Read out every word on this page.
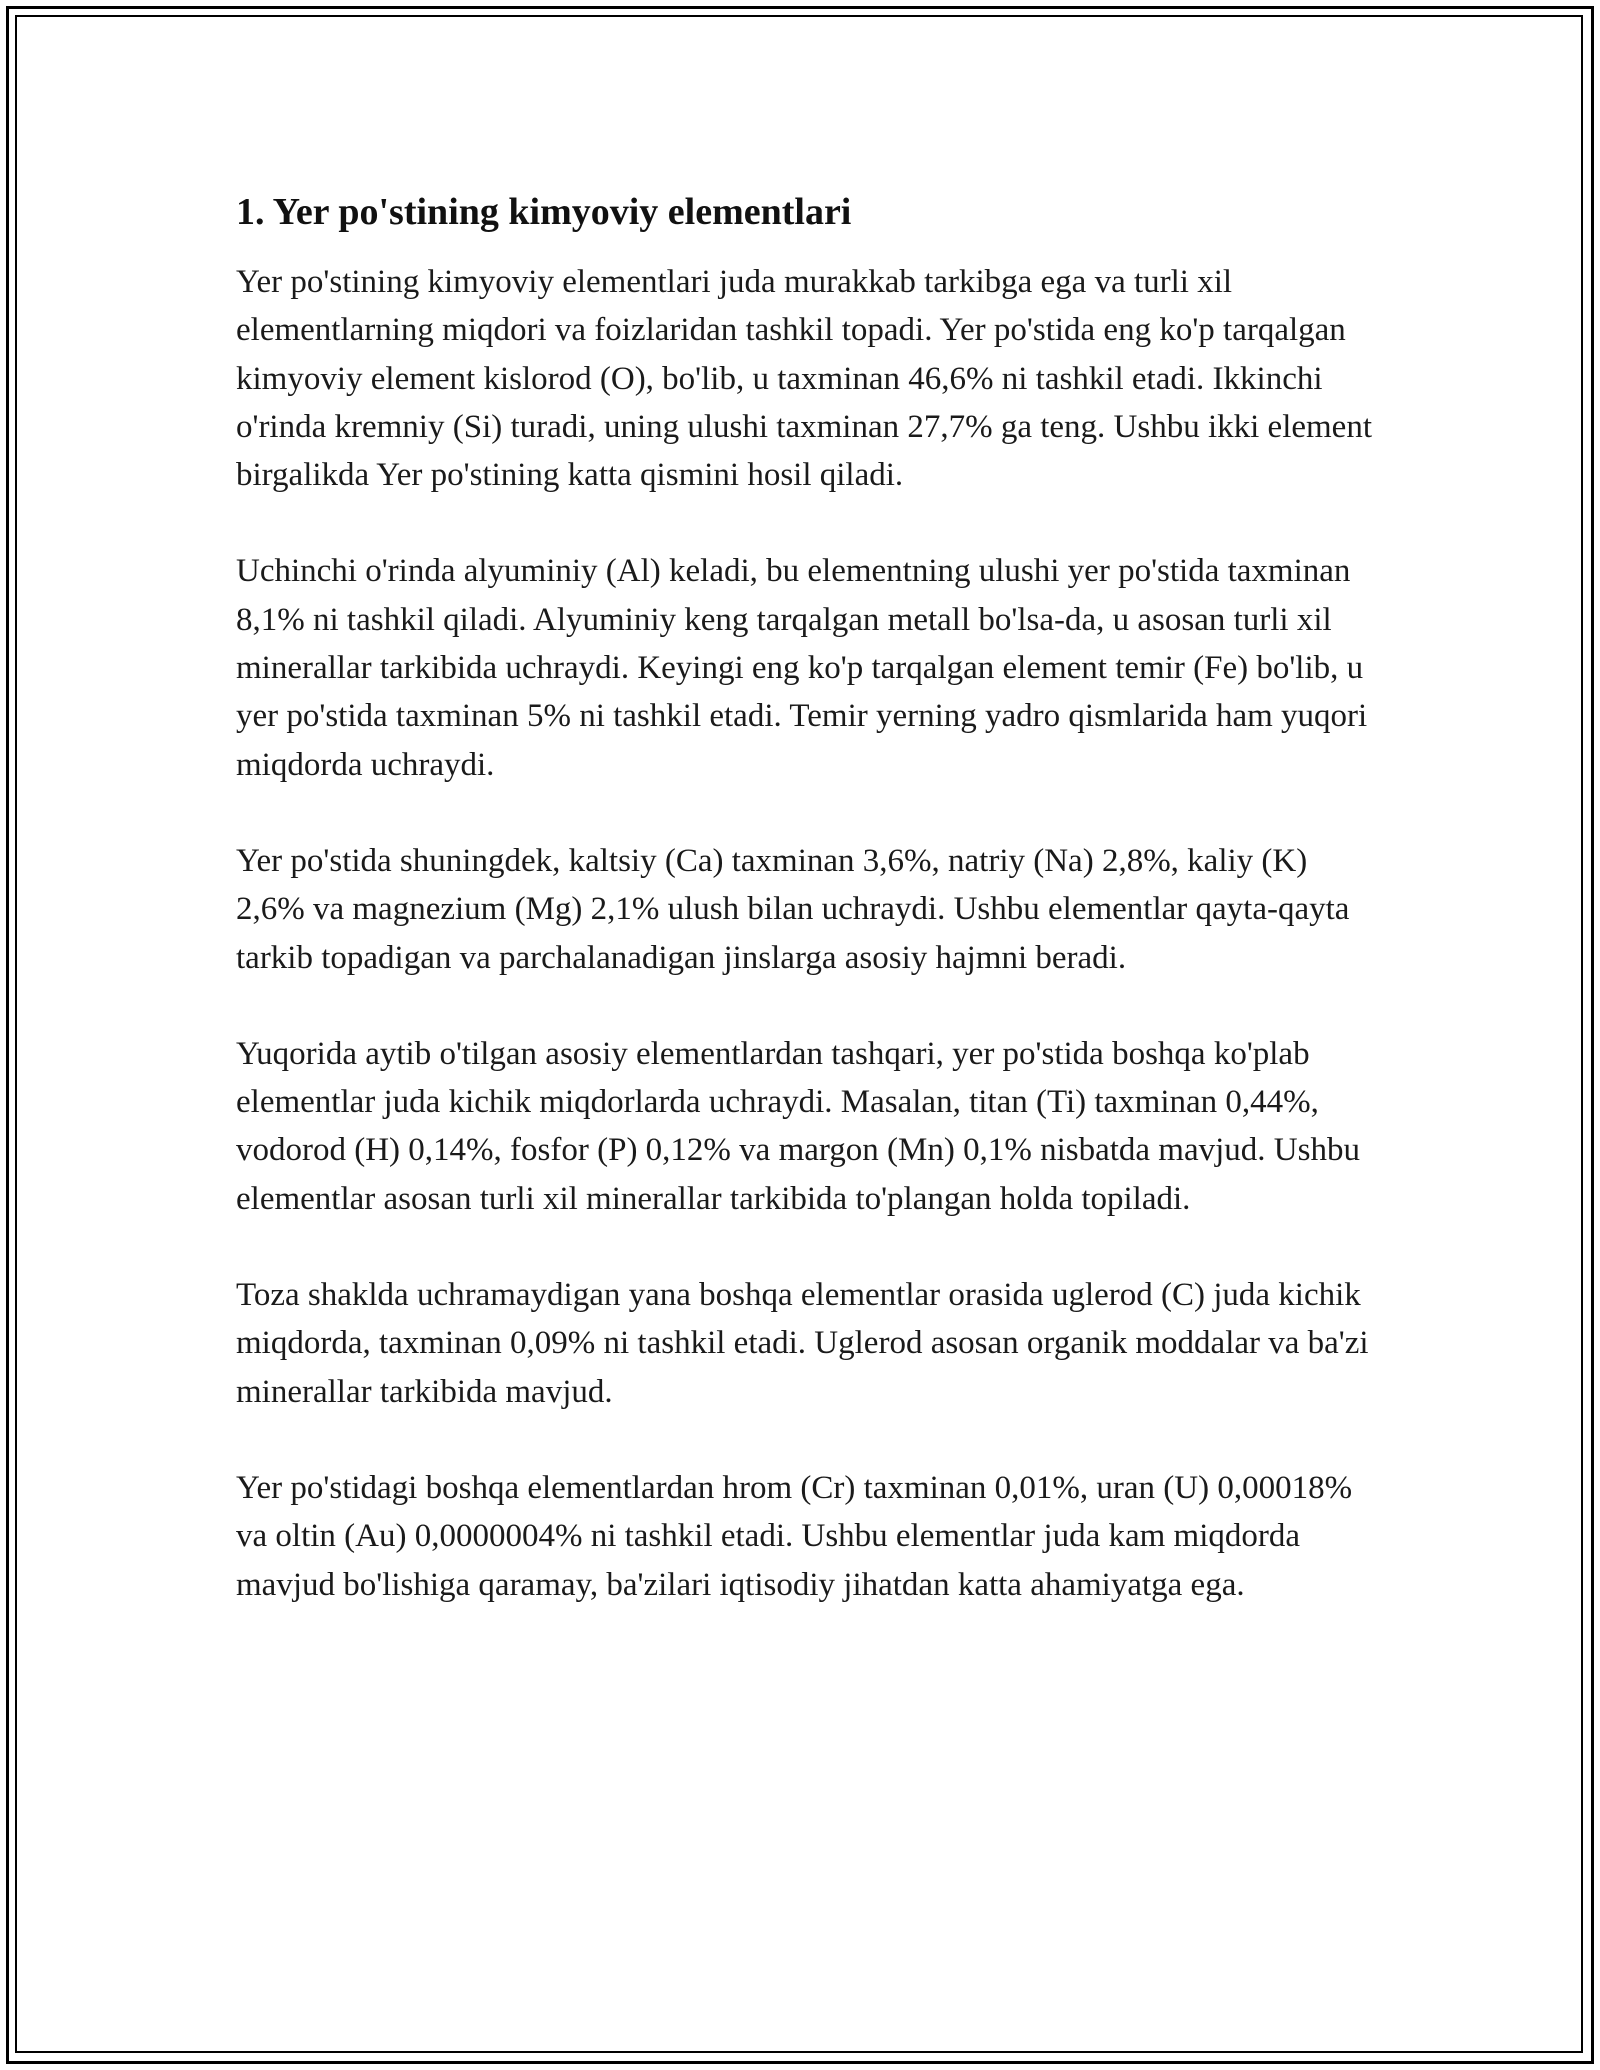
1. Yer po'stining kimyoviy elementlari

Yer po'stining kimyoviy elementlari juda murakkab tarkibga ega va turli xil elementlarning miqdori va foizlaridan tashkil topadi. Yer po'stida eng ko'p tarqalgan kimyoviy element kislorod (O), bo'lib, u taxminan 46,6% ni tashkil etadi. Ikkinchi o'rinda kremniy (Si) turadi, uning ulushi taxminan 27,7% ga teng. Ushbu ikki element birgalikda Yer po'stining katta qismini hosil qiladi.

Uchinchi o'rinda alyuminiy (Al) keladi, bu elementning ulushi yer po'stida taxminan 8,1% ni tashkil qiladi. Alyuminiy keng tarqalgan metall bo'lsa-da, u asosan turli xil minerallar tarkibida uchraydi. Keyingi eng ko'p tarqalgan element temir (Fe) bo'lib, u yer po'stida taxminan 5% ni tashkil etadi. Temir yerning yadro qismlarida ham yuqori miqdorda uchraydi.

Yer po'stida shuningdek, kaltsiy (Ca) taxminan 3,6%, natriy (Na) 2,8%, kaliy (K) 2,6% va magnezium (Mg) 2,1% ulush bilan uchraydi. Ushbu elementlar qayta-qayta tarkib topadigan va parchalanadigan jinslarga asosiy hajmni beradi.

Yuqorida aytib o'tilgan asosiy elementlardan tashqari, yer po'stida boshqa ko'plab elementlar juda kichik miqdorlarda uchraydi. Masalan, titan (Ti) taxminan 0,44%, vodorod (H) 0,14%, fosfor (P) 0,12% va margon (Mn) 0,1% nisbatda mavjud. Ushbu elementlar asosan turli xil minerallar tarkibida to'plangan holda topiladi.

Toza shaklda uchramaydigan yana boshqa elementlar orasida uglerod (C) juda kichik miqdorda, taxminan 0,09% ni tashkil etadi. Uglerod asosan organik moddalar va ba'zi minerallar tarkibida mavjud.

Yer po'stidagi boshqa elementlardan hrom (Cr) taxminan 0,01%, uran (U) 0,00018% va oltin (Au) 0,0000004% ni tashkil etadi. Ushbu elementlar juda kam miqdorda mavjud bo'lishiga qaramay, ba'zilari iqtisodiy jihatdan katta ahamiyatga ega.
